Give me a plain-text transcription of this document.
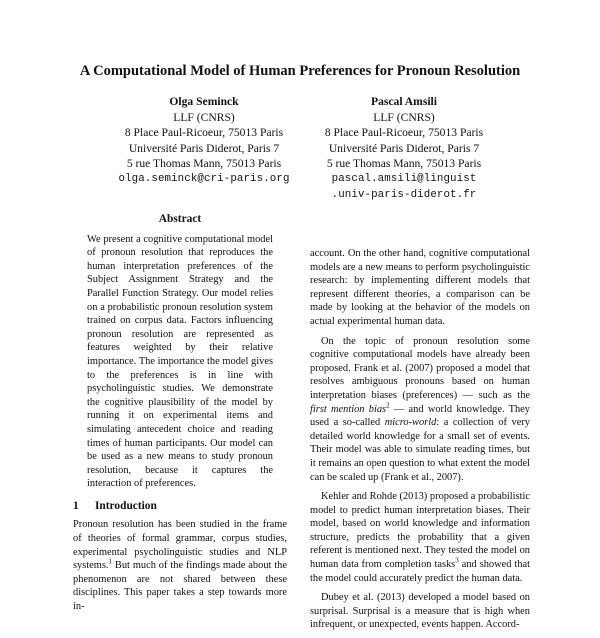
A Computational Model of Human Preferences for Pronoun Resolution
Olga Seminck
LLF (CNRS)
8 Place Paul-Ricoeur, 75013 Paris
Université Paris Diderot, Paris 7
5 rue Thomas Mann, 75013 Paris
olga.seminck@cri-paris.org
Pascal Amsili
LLF (CNRS)
8 Place Paul-Ricoeur, 75013 Paris
Université Paris Diderot, Paris 7
5 rue Thomas Mann, 75013 Paris
pascal.amsili@linguist
.univ-paris-diderot.fr
Abstract
We present a cognitive computational model of pronoun resolution that reproduces the human interpretation preferences of the Subject Assignment Strategy and the Parallel Function Strategy. Our model relies on a probabilistic pronoun resolution system trained on corpus data. Factors influencing pronoun resolution are represented as features weighted by their relative importance. The importance the model gives to the preferences is in line with psycholinguistic studies. We demonstrate the cognitive plausibility of the model by running it on experimental items and simulating antecedent choice and reading times of human participants. Our model can be used as a new means to study pronoun resolution, because it captures the interaction of preferences.
1 Introduction

Pronoun resolution has been studied in the frame of theories of formal grammar, corpus studies, experimental psycholinguistic studies and NLP systems.$^1$ But much of the findings made about the phenomenon are not shared between these disciplines. This paper takes a step towards more in-

account. On the other hand, cognitive computational models are a new means to perform psycholinguistic research: by implementing different models that represent different theories, a comparison can be made by looking at the behavior of the models on actual experimental human data.

On the topic of pronoun resolution some cognitive computational models have already been proposed. Frank et al. (2007) proposed a model that resolves ambiguous pronouns based on human interpretation biases (preferences) — such as the first mention bias$^2$ — and world knowledge. They used a so-called micro-world: a collection of very detailed world knowledge for a small set of events. Their model was able to simulate reading times, but it remains an open question to what extent the model can be scaled up (Frank et al., 2007).

Kehler and Rohde (2013) proposed a probabilistic model to predict human interpretation biases. Their model, based on world knowledge and information structure, predicts the probability that a given referent is mentioned next. They tested the model on human data from completion tasks$^3$ and showed that the model could accurately predict the human data.

Dubey et al. (2013) developed a model based on surprisal. Surprisal is a measure that is high when infrequent, or unexpected, events happen. Accord-
